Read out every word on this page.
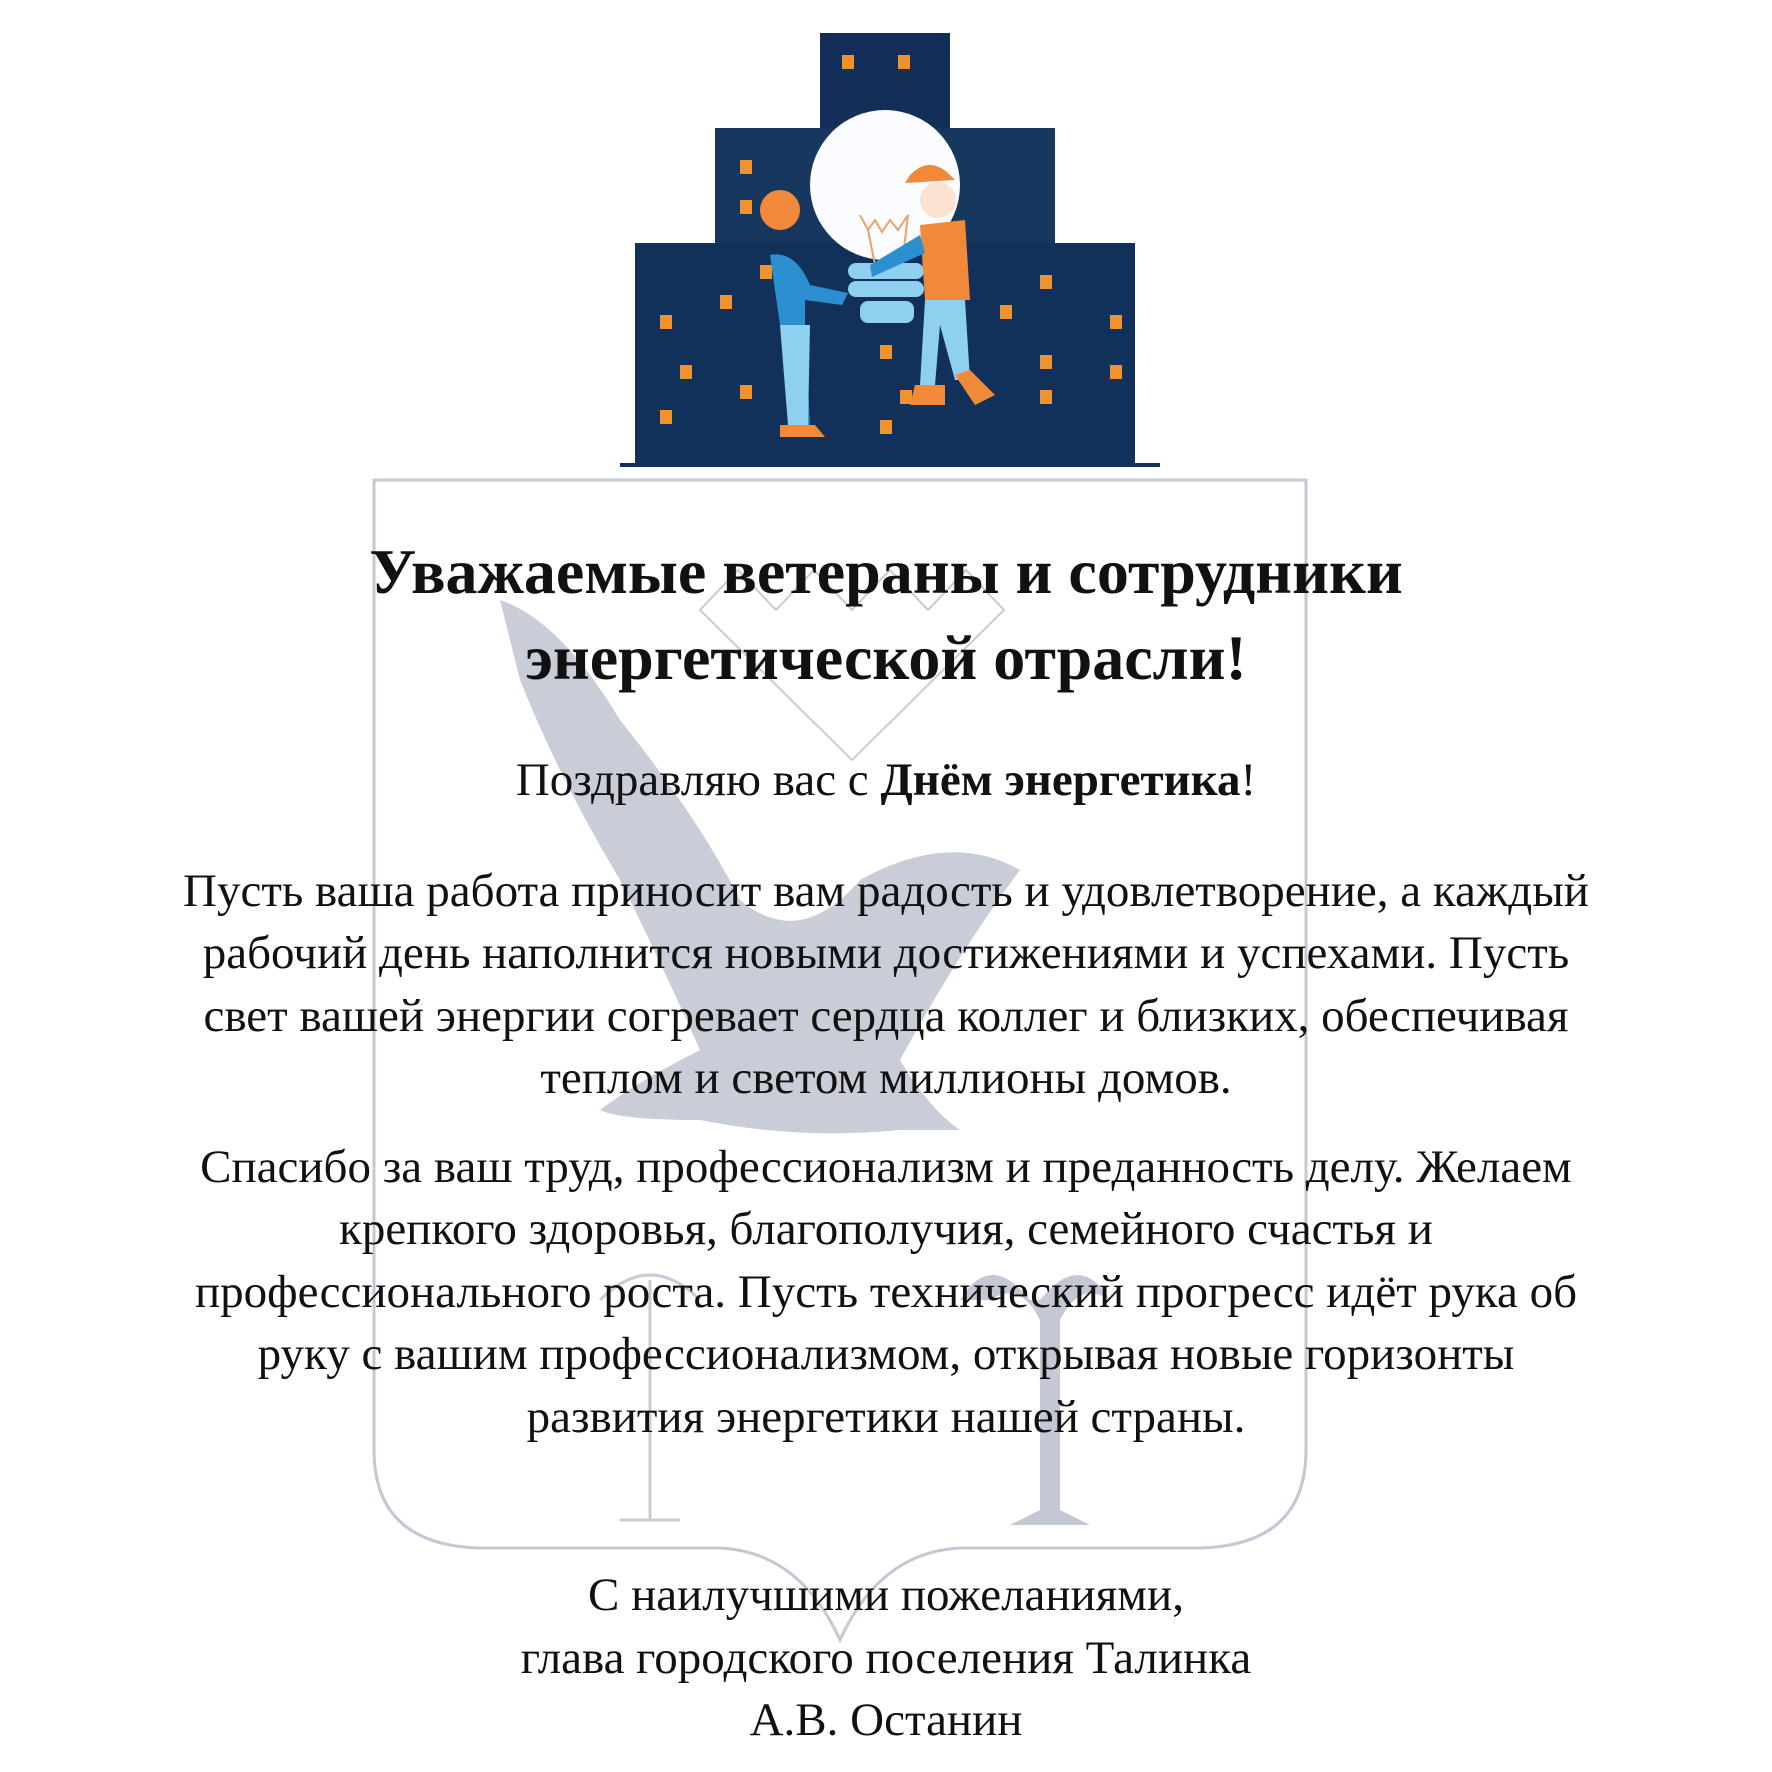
Уважаемые ветераны и сотрудники
энергетической отрасли!
Поздравляю вас с Днём энергетика!
Пусть ваша работа приносит вам радость и удовлетворение, а каждый
рабочий день наполнится новыми достижениями и успехами. Пусть
свет вашей энергии согревает сердца коллег и близких, обеспечивая
теплом и светом миллионы домов.
Спасибо за ваш труд, профессионализм и преданность делу. Желаем
крепкого здоровья, благополучия, семейного счастья и
профессионального роста. Пусть технический прогресс идёт рука об
руку с вашим профессионализмом, открывая новые горизонты
развития энергетики нашей страны.
С наилучшими пожеланиями,
глава городского поселения Талинка
А.В. Останин
